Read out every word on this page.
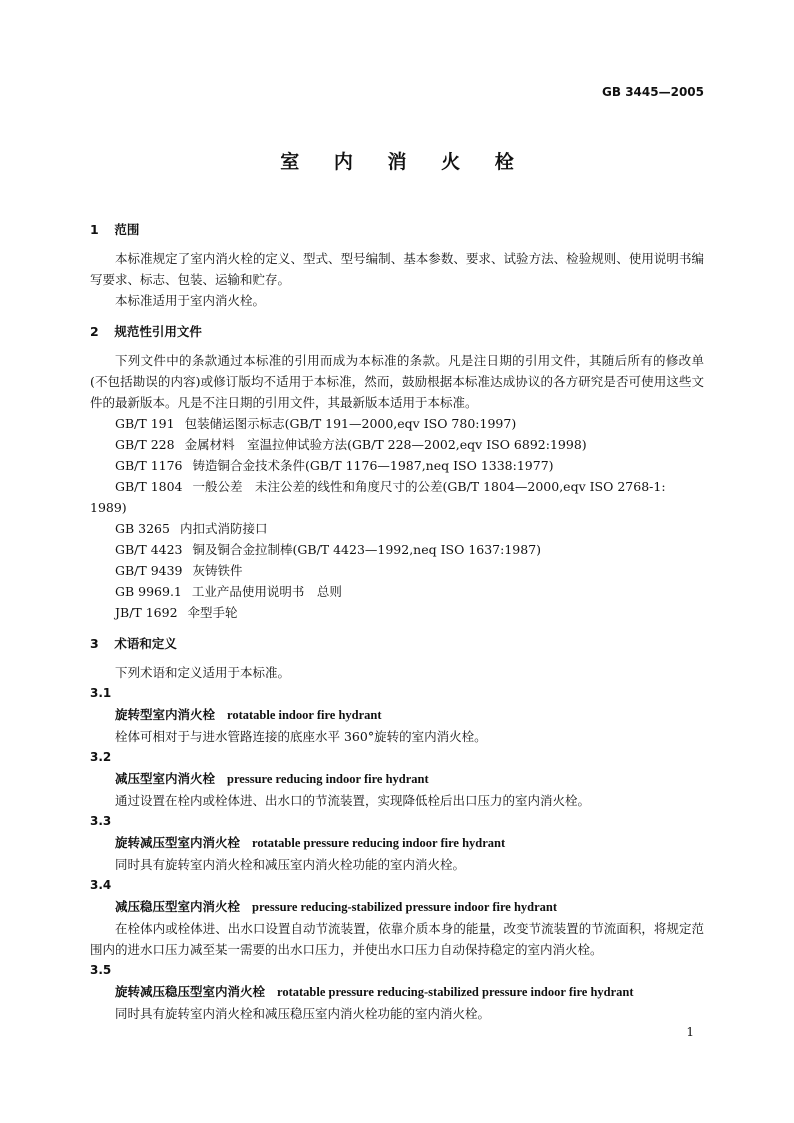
GB 3445—2005
室 内 消 火 栓
1 范围

本标准规定了室内消火栓的定义、型式、型号编制、基本参数、要求、试验方法、检验规则、使用说明书编写要求、标志、包装、运输和贮存。

本标准适用于室内消火栓。

2 规范性引用文件

下列文件中的条款通过本标准的引用而成为本标准的条款。凡是注日期的引用文件，其随后所有的修改单(不包括勘误的内容)或修订版均不适用于本标准，然而，鼓励根据本标准达成协议的各方研究是否可使用这些文件的最新版本。凡是不注日期的引用文件，其最新版本适用于本标准。

GB/T 191 包装储运图示标志(GB/T 191—2000,eqv ISO 780:1997)

GB/T 228 金属材料　室温拉伸试验方法(GB/T 228—2002,eqv ISO 6892:1998)

GB/T 1176 铸造铜合金技术条件(GB/T 1176—1987,neq ISO 1338:1977)

GB/T 1804 一般公差　未注公差的线性和角度尺寸的公差(GB/T 1804—2000,eqv ISO 2768-1:
1989)

GB 3265 内扣式消防接口

GB/T 4423 铜及铜合金拉制棒(GB/T 4423—1992,neq ISO 1637:1987)

GB/T 9439 灰铸铁件

GB 9969.1 工业产品使用说明书　总则

JB/T 1692 伞型手轮

3 术语和定义

下列术语和定义适用于本标准。

3.1

旋转型室内消火栓 rotatable indoor fire hydrant

栓体可相对于与进水管路连接的底座水平 360°旋转的室内消火栓。

3.2

减压型室内消火栓 pressure reducing indoor fire hydrant

通过设置在栓内或栓体进、出水口的节流装置，实现降低栓后出口压力的室内消火栓。

3.3

旋转减压型室内消火栓 rotatable pressure reducing indoor fire hydrant

同时具有旋转室内消火栓和减压室内消火栓功能的室内消火栓。

3.4

减压稳压型室内消火栓 pressure reducing-stabilized pressure indoor fire hydrant

在栓体内或栓体进、出水口设置自动节流装置，依靠介质本身的能量，改变节流装置的节流面积，将规定范围内的进水口压力减至某一需要的出水口压力，并使出水口压力自动保持稳定的室内消火栓。

3.5

旋转减压稳压型室内消火栓 rotatable pressure reducing-stabilized pressure indoor fire hydrant

同时具有旋转室内消火栓和减压稳压室内消火栓功能的室内消火栓。

1
